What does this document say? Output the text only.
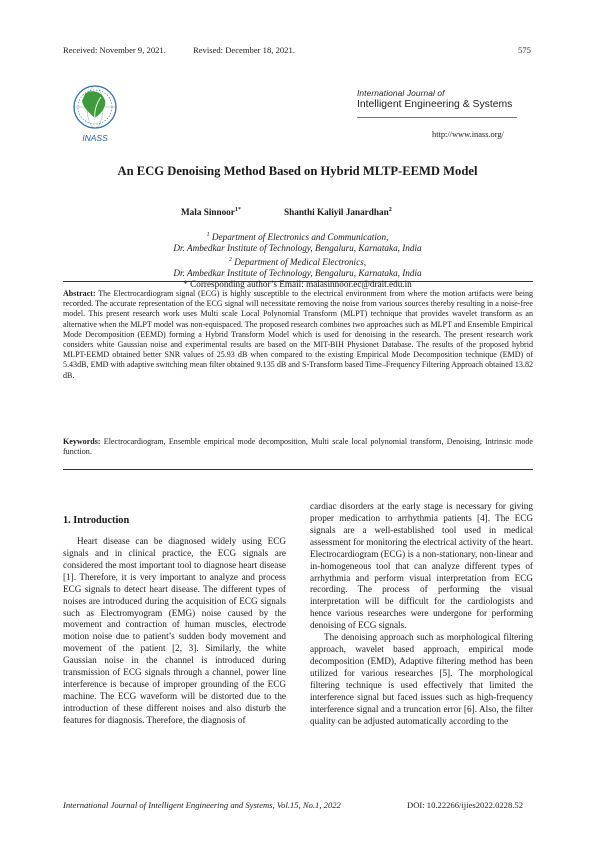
Received: November 9, 2021.	Revised: December 18, 2021.	575
INASS
International Journal of
Intelligent Engineering & Systems
http://www.inass.org/
An ECG Denoising Method Based on Hybrid MLTP-EEMD Model
Mala Sinnoor$^{1*}$	Shanthi Kaliyil Janardhan$^2$
$^1$ Department of Electronics and Communication,
Dr. Ambedkar Institute of Technology, Bengaluru, Karnataka, India
$^2$ Department of Medical Electronics,
Dr. Ambedkar Institute of Technology, Bengaluru, Karnataka, India
* Corresponding author’s Email: malasinnoor.ec@drait.edu.in
Abstract: The Electrocardiogram signal (ECG) is highly susceptible to the electrical environment from where the motion artifacts were being recorded. The accurate representation of the ECG signal will necessitate removing the noise from various sources thereby resulting in a noise-free model. This present research work uses Multi scale Local Polynomial Transform (MLPT) technique that provides wavelet transform as an alternative when the MLPT model was non-equispaced. The proposed research combines two approaches such as MLPT and Ensemble Empirical Mode Decomposition (EEMD) forming a Hybrid Transform Model which is used for denoising in the research. The present research work considers white Gaussian noise and experimental results are based on the MIT-BIH Physionet Database. The results of the proposed hybrid MLPT-EEMD obtained better SNR values of 25.93 dB when compared to the existing Empirical Mode Decomposition technique (EMD) of 5.43dB, EMD with adaptive switching mean filter obtained 9.135 dB and S-Transform based Time–Frequency Filtering Approach obtained 13.82 dB.
Keywords: Electrocardiogram, Ensemble empirical mode decomposition, Multi scale local polynomial transform, Denoising, Intrinsic mode function.
1. Introduction

Heart disease can be diagnosed widely using ECG signals and in clinical practice, the ECG signals are considered the most important tool to diagnose heart disease [1]. Therefore, it is very important to analyze and process ECG signals to detect heart disease. The different types of noises are introduced during the acquisition of ECG signals such as Electromyogram (EMG) noise caused by the movement and contraction of human muscles, electrode motion noise due to patient’s sudden body movement and movement of the patient [2, 3]. Similarly, the white Gaussian noise in the channel is introduced during transmission of ECG signals through a channel, power line interference is because of improper grounding of the ECG machine. The ECG waveform will be distorted due to the introduction of these different noises and also disturb the features for diagnosis. Therefore, the diagnosis of

cardiac disorders at the early stage is necessary for giving proper medication to arrhythmia patients [4]. The ECG signals are a well-established tool used in medical assessment for monitoring the electrical activity of the heart. Electrocardiogram (ECG) is a non-stationary, non-linear and in-homogeneous tool that can analyze different types of arrhythmia and perform visual interpretation from ECG recording. The process of performing the visual interpretation will be difficult for the cardiologists and hence various researches were undergone for performing denoising of ECG signals.

The denoising approach such as morphological filtering approach, wavelet based approach, empirical mode decomposition (EMD), Adaptive filtering method has been utilized for various researches [5]. The morphological filtering technique is used effectively that limited the interference signal but faced issues such as high-frequency interference signal and a truncation error [6]. Also, the filter quality can be adjusted automatically according to the

International Journal of Intelligent Engineering and Systems, Vol.15, No.1, 2022	DOI: 10.22266/ijies2022.0228.52
